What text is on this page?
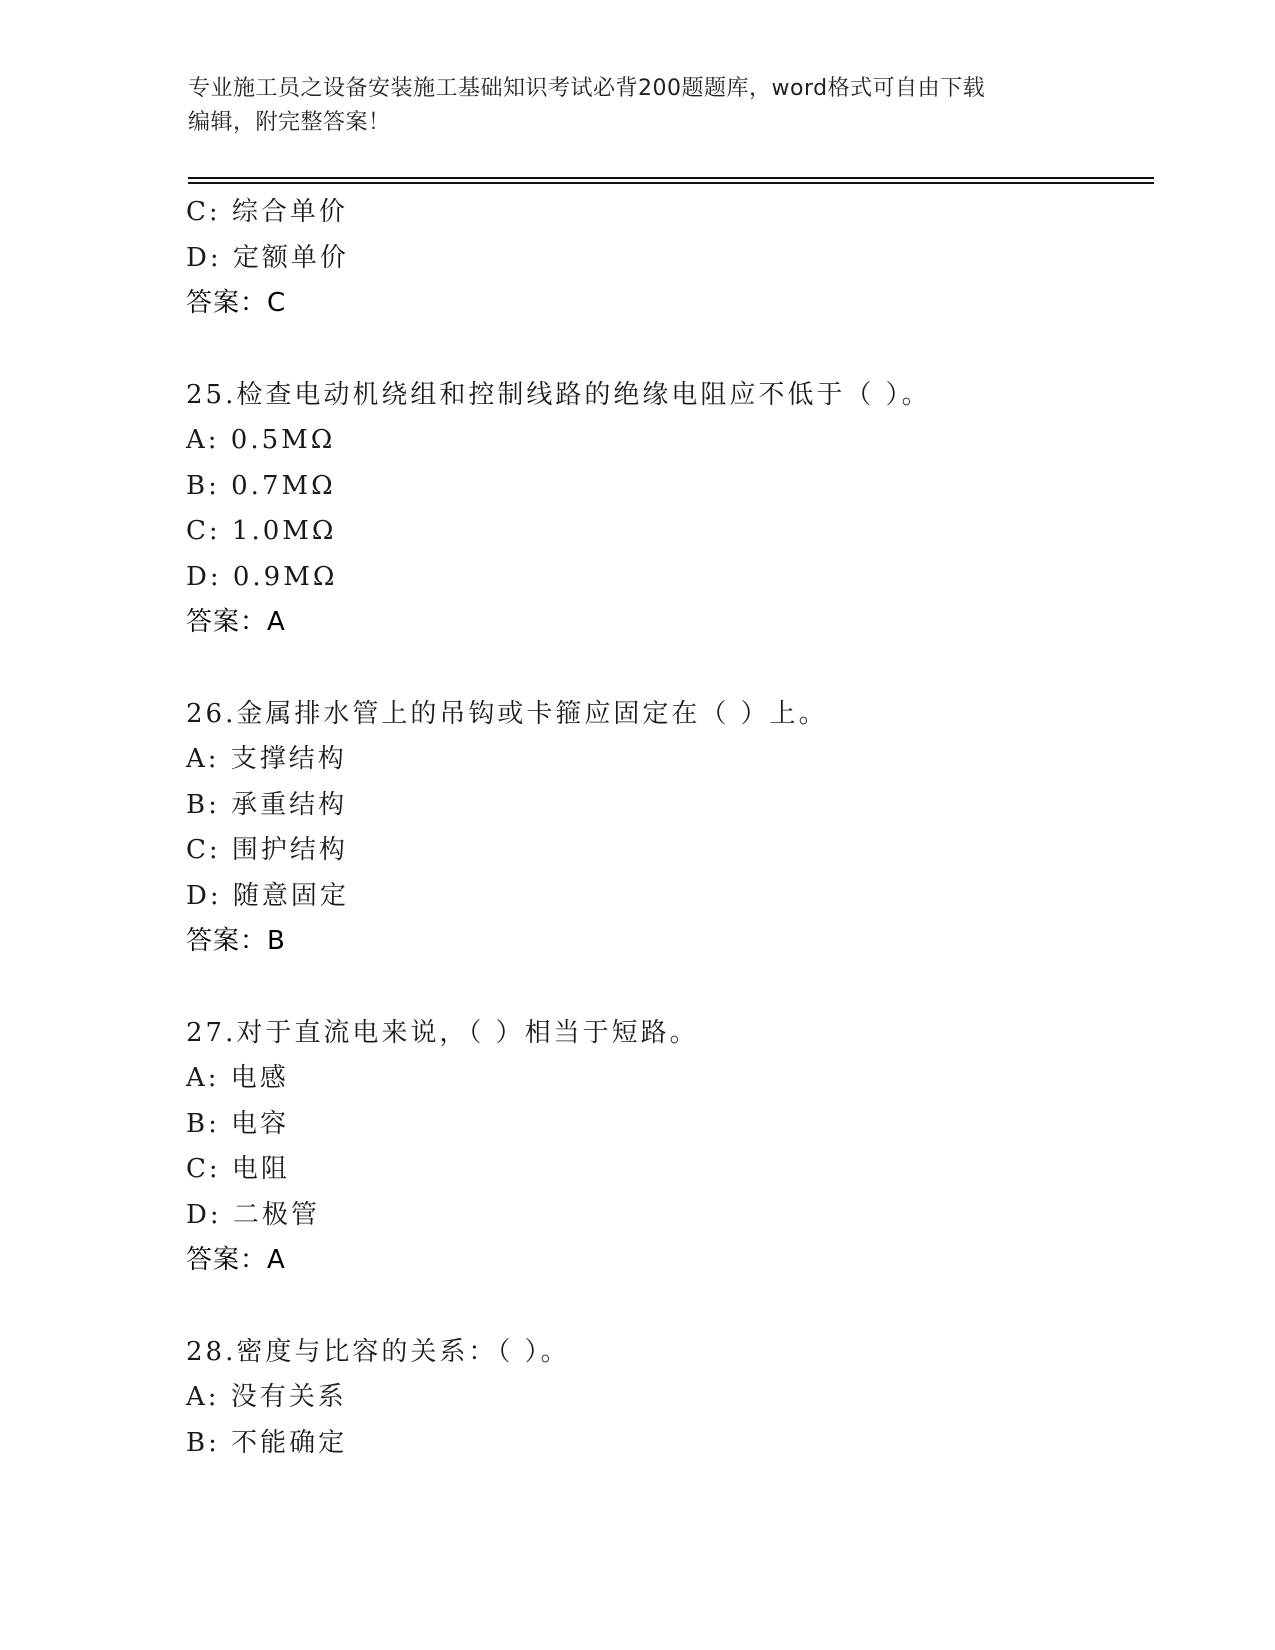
专业施工员之设备安装施工基础知识考试必背200题题库，word格式可自由下载
编辑，附完整答案！
C: 综合单价
D: 定额单价
答案：C
25.检查电动机绕组和控制线路的绝缘电阻应不低于（ ）。
A: 0.5MΩ
B: 0.7MΩ
C: 1.0MΩ
D: 0.9MΩ
答案：A
26.金属排水管上的吊钩或卡箍应固定在（ ）上。
A: 支撑结构
B: 承重结构
C: 围护结构
D: 随意固定
答案：B
27.对于直流电来说，（ ）相当于短路。
A: 电感
B: 电容
C: 电阻
D: 二极管
答案：A
28.密度与比容的关系：（ ）。
A: 没有关系
B: 不能确定
